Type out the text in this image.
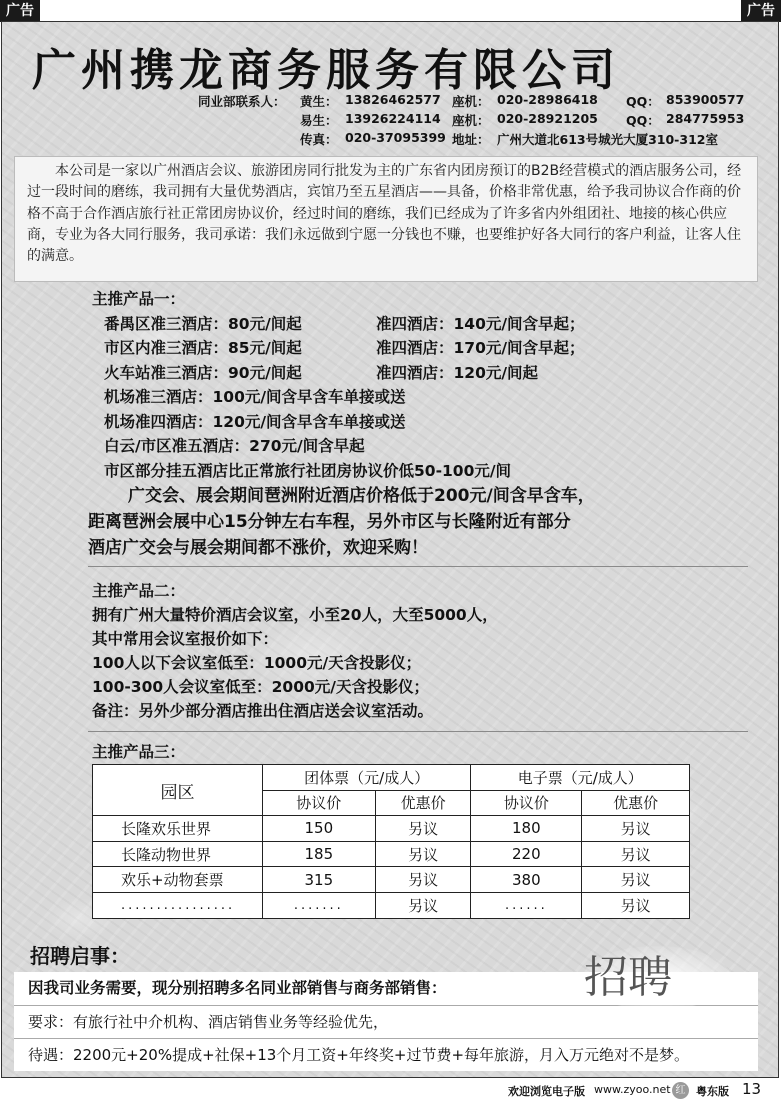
广告	广告
广州携龙商务服务有限公司
同业部联系人： 黄生： 13826462577 座机： 020-28986418 QQ： 853900577
易生： 13926224114 座机： 020-28921205 QQ： 284775953
传真： 020-37095399 地址： 广州大道北613号城光大厦310-312室
本公司是一家以广州酒店会议、旅游团房同行批发为主的广东省内团房预订的B2B经营模式的酒店服务公司，经过一段时间的磨练，我司拥有大量优势酒店，宾馆乃至五星酒店——具备，价格非常优惠，给予我司协议合作商的价格不高于合作酒店旅行社正常团房协议价，经过时间的磨练，我们已经成为了许多省内外组团社、地接的核心供应商，专业为各大同行服务，我司承诺：我们永远做到宁愿一分钱也不赚，也要维护好各大同行的客户利益，让客人住的满意。
主推产品一：
番禺区准三酒店：80元/间起	准四酒店：140元/间含早起；
市区内准三酒店：85元/间起	准四酒店：170元/间含早起；
火车站准三酒店：90元/间起	准四酒店：120元/间起
机场准三酒店：100元/间含早含车单接或送
机场准四酒店：120元/间含早含车单接或送
白云/市区准五酒店：270元/间含早起
市区部分挂五酒店比正常旅行社团房协议价低50-100元/间
广交会、展会期间琶洲附近酒店价格低于200元/间含早含车，
距离琶洲会展中心15分钟左右车程，另外市区与长隆附近有部分
酒店广交会与展会期间都不涨价，欢迎采购！
主推产品二：
拥有广州大量特价酒店会议室，小至20人，大至5000人，
其中常用会议室报价如下：
100人以下会议室低至：1000元/天含投影仪；
100-300人会议室低至：2000元/天含投影仪；
备注：另外少部分酒店推出住酒店送会议室活动。
主推产品三：
园区	团体票（元/成人）		电子票（元/成人）	
	协议价	优惠价	协议价	优惠价
长隆欢乐世界	150	另议	180	另议
长隆动物世界	185	另议	220	另议
欢乐+动物套票	315	另议	380	另议
................	.......	另议	......	另议
招聘启事：
因我司业务需要，现分别招聘多名同业部销售与商务部销售：
要求：有旅行社中介机构、酒店销售业务等经验优先，
待遇：2200元+20%提成+社保+13个月工资+年终奖+过节费+每年旅游，月入万元绝对不是梦。
招聘
欢迎浏览电子版 www.zyoo.net 粤东版 13
红
